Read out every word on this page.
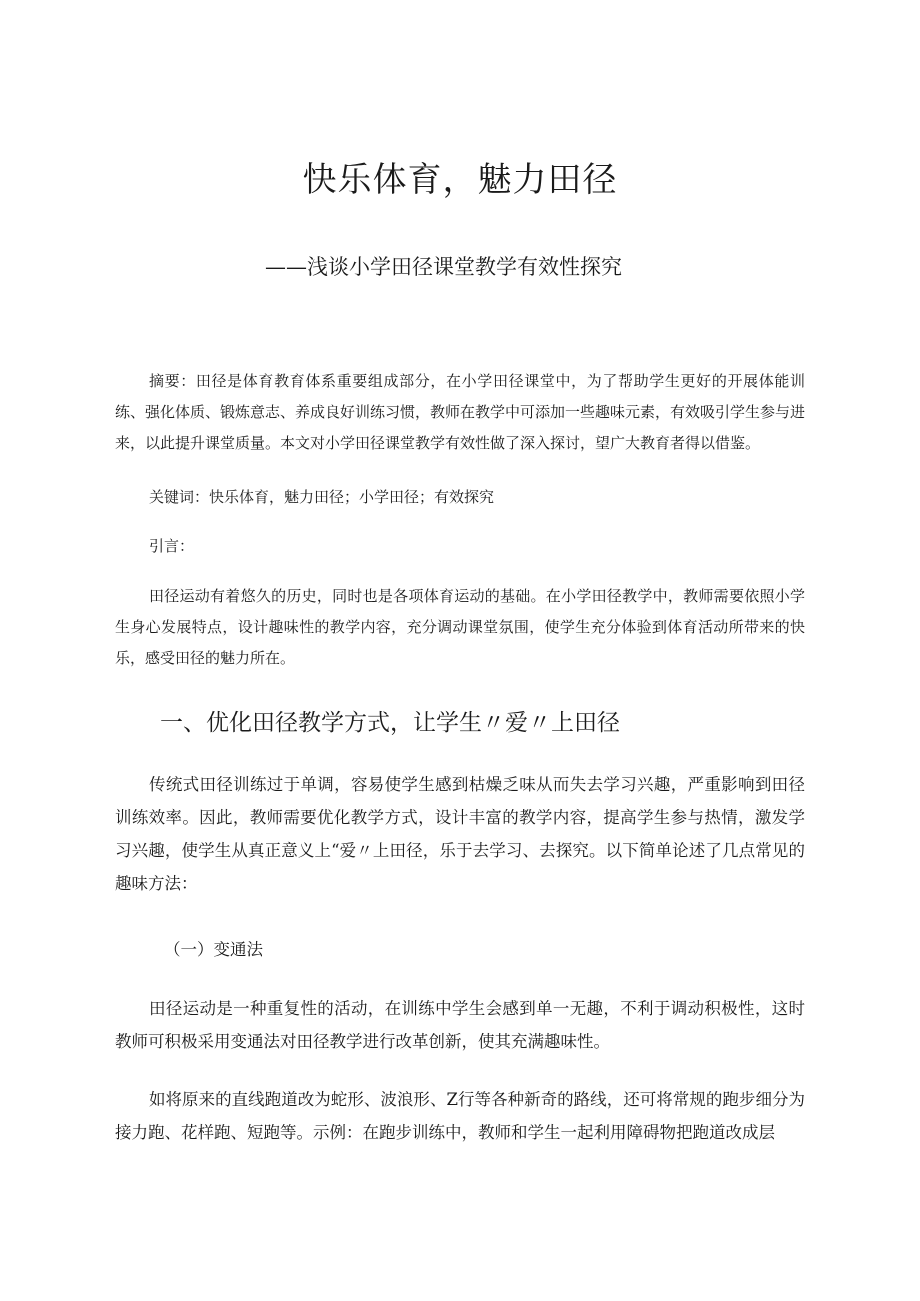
快乐体育，魅力田径
——浅谈小学田径课堂教学有效性探究
摘要：田径是体育教育体系重要组成部分，在小学田径课堂中，为了帮助学生更好的开展体能训练、强化体质、锻炼意志、养成良好训练习惯，教师在教学中可添加一些趣味元素，有效吸引学生参与进来，以此提升课堂质量。本文对小学田径课堂教学有效性做了深入探讨，望广大教育者得以借鉴。
关键词：快乐体育，魅力田径；小学田径；有效探究
引言：
田径运动有着悠久的历史，同时也是各项体育运动的基础。在小学田径教学中，教师需要依照小学生身心发展特点，设计趣味性的教学内容，充分调动课堂氛围，使学生充分体验到体育活动所带来的快乐，感受田径的魅力所在。
一、优化田径教学方式，让学生〃爱〃上田径
传统式田径训练过于单调，容易使学生感到枯燥乏味从而失去学习兴趣，严重影响到田径训练效率。因此，教师需要优化教学方式，设计丰富的教学内容，提高学生参与热情，激发学习兴趣，使学生从真正意义上“爱〃上田径，乐于去学习、去探究。以下简单论述了几点常见的趣味方法：
（一）变通法
田径运动是一种重复性的活动，在训练中学生会感到单一无趣，不利于调动积极性，这时教师可积极采用变通法对田径教学进行改革创新，使其充满趣味性。
如将原来的直线跑道改为蛇形、波浪形、Z行等各种新奇的路线，还可将常规的跑步细分为接力跑、花样跑、短跑等。示例：在跑步训练中，教师和学生一起利用障碍物把跑道改成层
